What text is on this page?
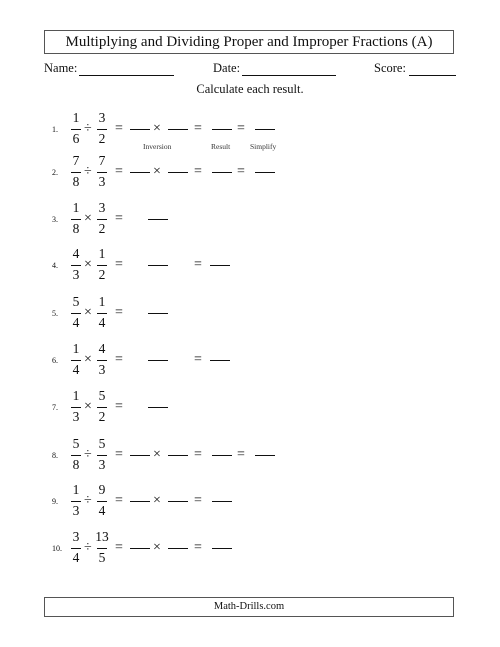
Multiplying and Dividing Proper and Improper Fractions (A)
Name:	Date:	Score:
Calculate each result.
1.
1
6
÷
3
2
= × =	=
Inversion	Result	Simplify
2.
7
8
÷
7
3
= × =	=
3.
1
8
×
3
2
=
4.
4
3
×
1
2
=	=
5.
5
4
×
1
4
=
6.
1
4
×
4
3
=	=
7.
1
3
×
5
2
=
8.
5
8
÷
5
3
= × =	=
9.
1
3
÷
9
4
= × =
10.
3
4
÷
13
5
= × =
Math-Drills.com
